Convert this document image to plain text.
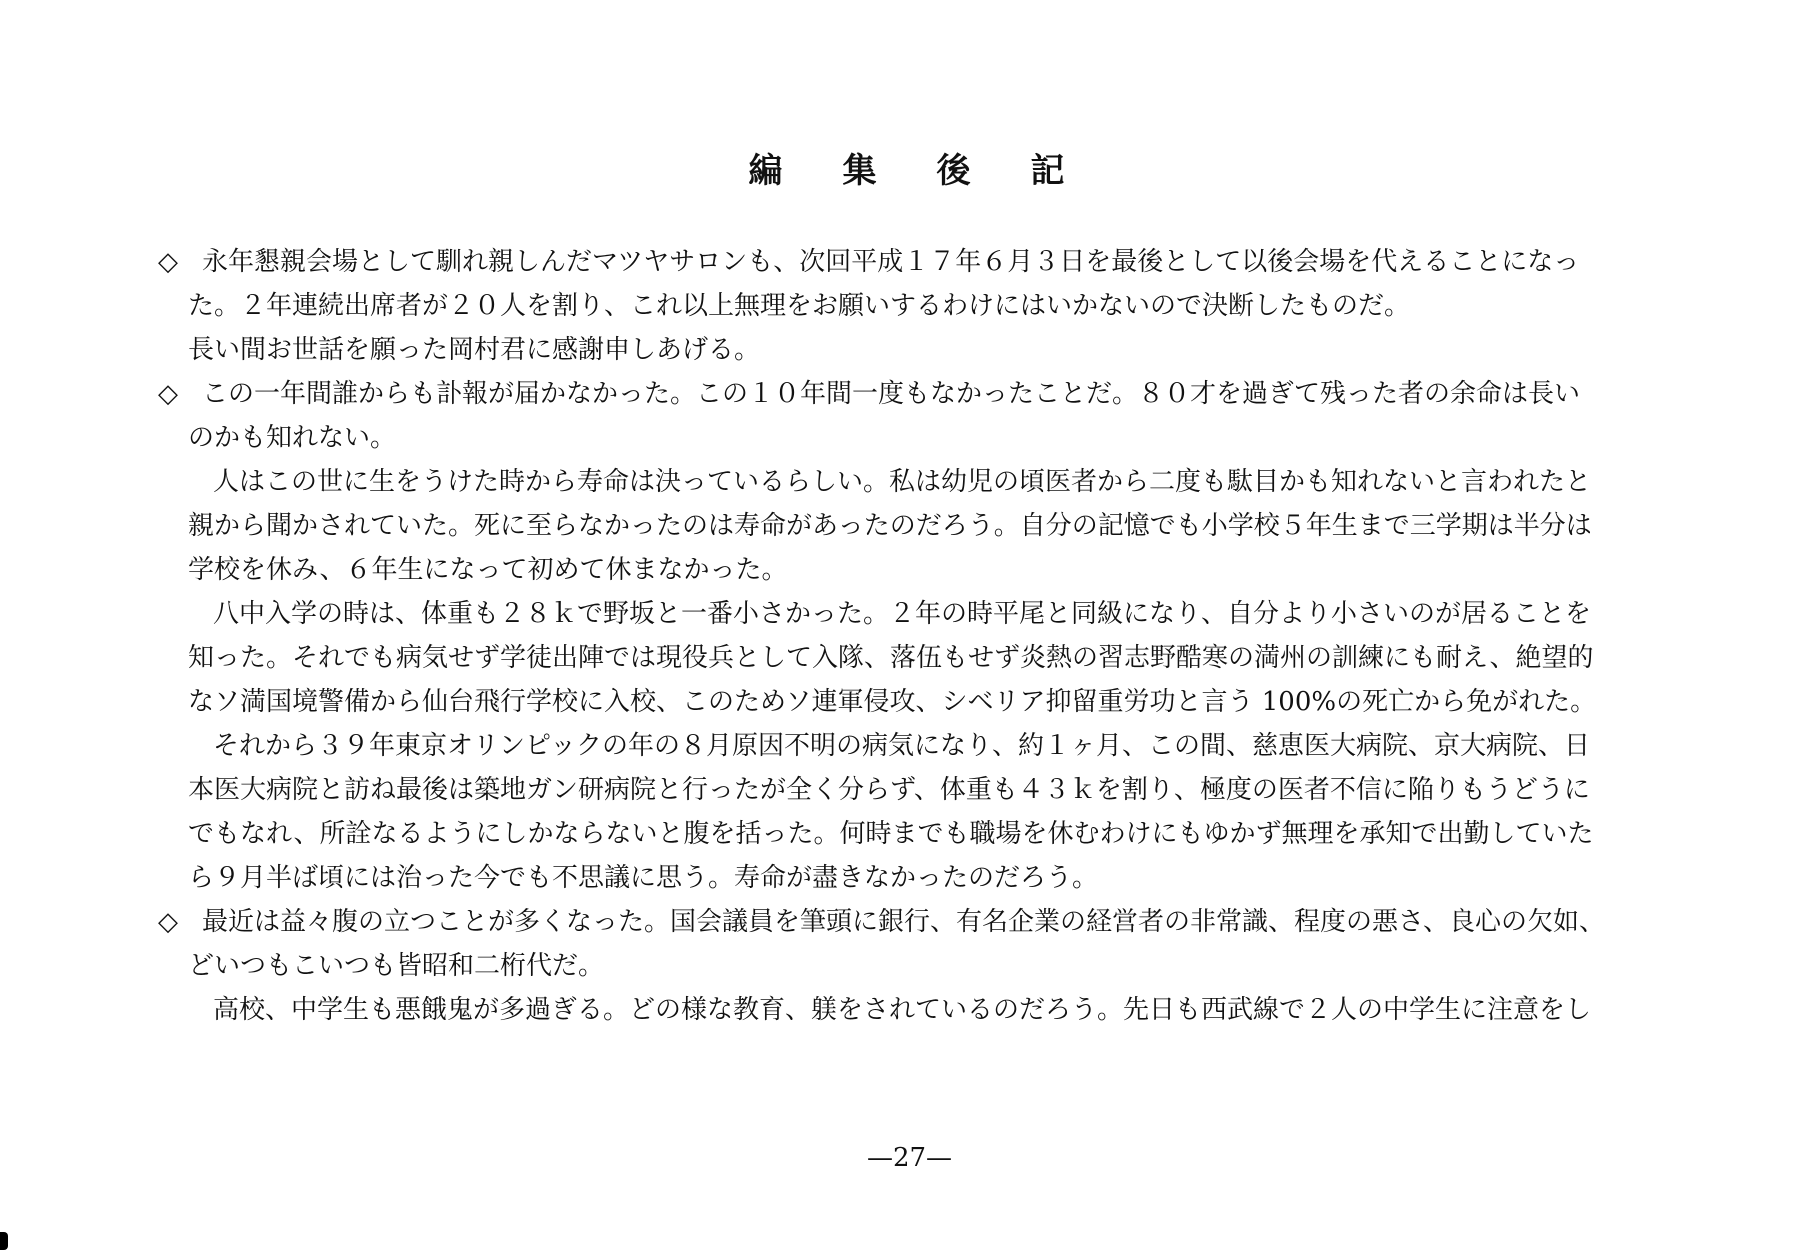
編	集	後	記
◇ 永年懇親会場として馴れ親しんだマツヤサロンも、次回平成１７年６月３日を最後として以後会場を代えることになっ
た。２年連続出席者が２０人を割り、これ以上無理をお願いするわけにはいかないので決断したものだ。
長い間お世話を願った岡村君に感謝申しあげる。
◇ この一年間誰からも訃報が届かなかった。この１０年間一度もなかったことだ。８０才を過ぎて残った者の余命は長い
のかも知れない。
人はこの世に生をうけた時から寿命は決っているらしい。私は幼児の頃医者から二度も駄目かも知れないと言われたと
親から聞かされていた。死に至らなかったのは寿命があったのだろう。自分の記憶でも小学校５年生まで三学期は半分は
学校を休み、６年生になって初めて休まなかった。
八中入学の時は、体重も２８ｋで野坂と一番小さかった。２年の時平尾と同級になり、自分より小さいのが居ることを
知った。それでも病気せず学徒出陣では現役兵として入隊、落伍もせず炎熱の習志野酷寒の満州の訓練にも耐え、絶望的
なソ満国境警備から仙台飛行学校に入校、このためソ連軍侵攻、シベリア抑留重労功と言う 100%の死亡から免がれた。
それから３９年東京オリンピックの年の８月原因不明の病気になり、約１ヶ月、この間、慈恵医大病院、京大病院、日
本医大病院と訪ね最後は築地ガン研病院と行ったが全く分らず、体重も４３ｋを割り、極度の医者不信に陥りもうどうに
でもなれ、所詮なるようにしかならないと腹を括った。何時までも職場を休むわけにもゆかず無理を承知で出勤していた
ら９月半ば頃には治った今でも不思議に思う。寿命が盡きなかったのだろう。
◇ 最近は益々腹の立つことが多くなった。国会議員を筆頭に銀行、有名企業の経営者の非常識、程度の悪さ、良心の欠如、
どいつもこいつも皆昭和二桁代だ。
高校、中学生も悪餓鬼が多過ぎる。どの様な教育、躾をされているのだろう。先日も西武線で２人の中学生に注意をし
—27—
